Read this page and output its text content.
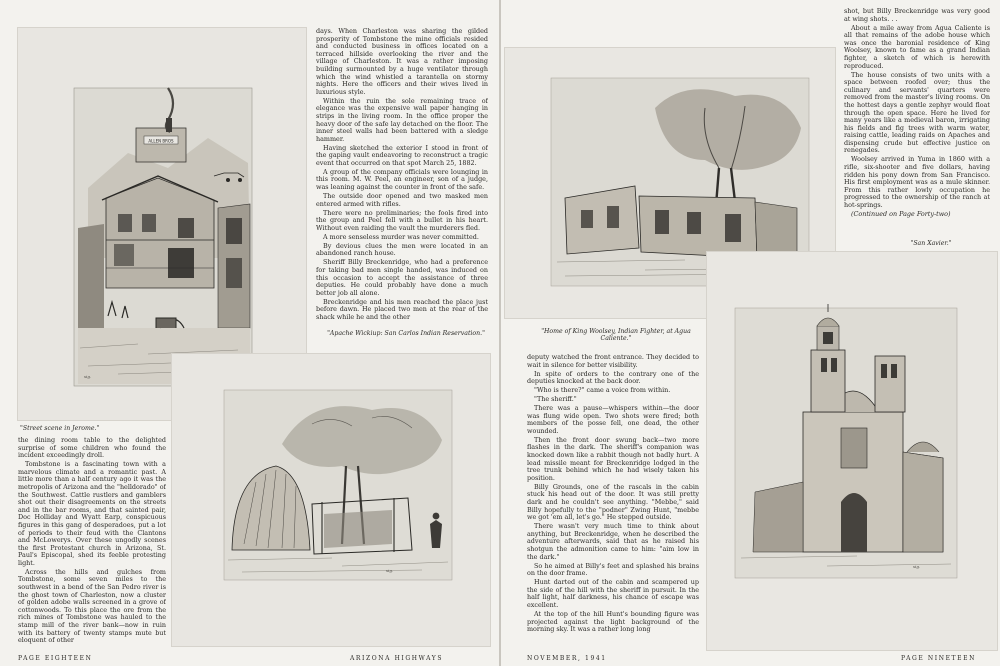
ALLEN BROS
sig.
"Street scene in Jerome."
sig.
"Apache Wickiup: San Carlos Indian Reservation."

days. When Charleston was sharing the gilded prosperity of Tombstone the mine officials resided and conducted business in offices located on a terraced hillside overlooking the river and the village of Charleston. It was a rather imposing building surmounted by a huge ventilator through which the wind whistled a tarantella on stormy nights. Here the officers and their wives lived in luxurious style.

Within the ruin the sole remaining trace of elegance was the expensive wall paper hanging in strips in the living room. In the office proper the heavy door of the safe lay detached on the floor. The inner steel walls had been battered with a sledge hammer.

Having sketched the exterior I stood in front of the gaping vault endeavoring to reconstruct a tragic event that occurred on that spot March 25, 1882.

A group of the company officials were lounging in this room. M. W. Peel, an engineer, son of a judge, was leaning against the counter in front of the safe.

The outside door opened and two masked men entered armed with rifles.

There were no preliminaries; the fools fired into the group and Peel fell with a bullet in his heart. Without even raiding the vault the murderers fled.

A more senseless murder was never committed.

By devious clues the men were located in an abandoned ranch house.

Sheriff Billy Breckenridge, who had a preference for taking bad men single handed, was induced on this occasion to accept the assistance of three deputies. He could probably have done a much better job all alone.

Breckenridge and his men reached the place just before dawn. He placed two men at the rear of the shack while he and the other

the dining room table to the delighted surprise of some children who found the incident exceedingly droll.

Tombstone is a fascinating town with a marvelous climate and a romantic past. A little more than a half century ago it was the metropolis of Arizona and the "helldorado" of the Southwest. Cattle rustlers and gamblers shot out their disagreements on the streets and in the bar rooms, and that sainted pair, Doc Holliday and Wyatt Earp, conspicuous figures in this gang of desperadoes, put a lot of periods to their feud with the Clantons and McLowerys. Over these ungodly scenes the first Protestant church in Arizona, St. Paul's Episcopal, shed its feeble protesting light.

Across the hills and gulches from Tombstone, some seven miles to the southwest in a bend of the San Pedro river is the ghost town of Charleston, now a cluster of golden adobe walls screened in a grove of cottonwoods. To this place the ore from the rich mines of Tombstone was hauled to the stamp mill of the river bank—now in ruin with its battery of twenty stamps mute but eloquent of other

PAGE EIGHTEEN	ARIZONA HIGHWAYS
"Home of King Woolsey, Indian Fighter, at Agua Caliente."
sig.

shot, but Billy Breckenridge was very good at wing shots. . .

About a mile away from Agua Caliente is all that remains of the adobe house which was once the baronial residence of King Woolsey, known to fame as a grand Indian fighter, a sketch of which is herewith reproduced.

The house consists of two units with a space between roofed over; thus the culinary and servants' quarters were removed from the master's living rooms. On the hottest days a gentle zephyr would float through the open space. Here he lived for many years like a medieval baron, irrigating his fields and fig trees with warm water, raising cattle, leading raids on Apaches and dispensing crude but effective justice on renegades.

Woolsey arrived in Yuma in 1860 with a rifle, six-shooter and five dollars, having ridden his pony down from San Francisco. His first employment was as a mule skinner. From this rather lowly occupation he progressed to the ownership of the ranch at hot-springs.

(Continued on Page Forty-two)

"San Xavier."

deputy watched the front entrance. They decided to wait in silence for better visibility.

In spite of orders to the contrary one of the deputies knocked at the back door.

"Who is there?" came a voice from within.

"The sheriff."

There was a pause—whispers within—the door was flung wide open. Two shots were fired; both members of the posse fell, one dead, the other wounded.

Then the front door swung back—two more flashes in the dark. The sheriff's companion was knocked down like a rabbit though not badly hurt. A lead missile meant for Breckenridge lodged in the tree trunk behind which he had wisely taken his position.

Billy Grounds, one of the rascals in the cabin stuck his head out of the door. It was still pretty dark and he couldn't see anything. "Mebbe," said Billy hopefully to the "podner" Zwing Hunt, "mebbe we got 'em all, let's go." He stepped outside.

There wasn't very much time to think about anything, but Breckenridge, when he described the adventure afterwards, said that as he raised his shotgun the admonition came to him: "aim low in the dark."

So he aimed at Billy's feet and splashed his brains on the door frame.

Hunt darted out of the cabin and scampered up the side of the hill with the sheriff in pursuit. In the half light, half darkness, his chance of escape was excellent.

At the top of the hill Hunt's bounding figure was projected against the light background of the morning sky. It was a rather long long

NOVEMBER, 1941	PAGE NINETEEN
